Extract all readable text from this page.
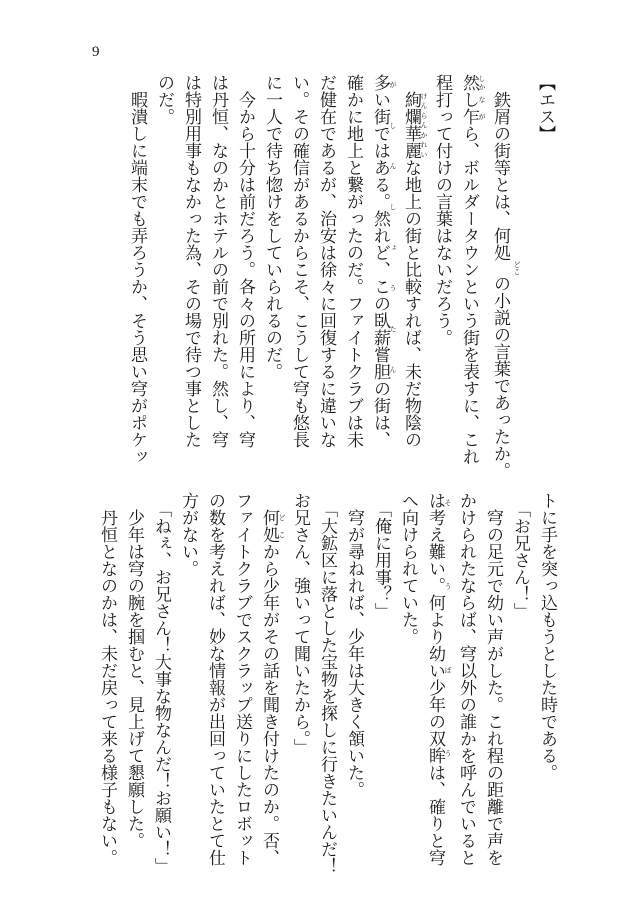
9
【エス】
　鉄屑の街等とは、何処どこの小説の言葉であったか。
然 しかし乍 ながら、ボルダータウンという街を表すに、これ
程打って付けの言葉はないだろう。
　絢爛華麗 けんらんかれいな地上の街と比較すれば、未だ物陰の
多い街ではある。然れど、この臥薪嘗胆 がしんしょうたんの街は、
確かに地上と繋がったのだ。ファイトクラブは未
だ健在であるが、治安は徐々に回復するに違いな
い。その確信があるからこそ、こうして穹も悠長
に一人で待ち惚けをしていられるのだ。
　今から十分は前だろう。各々の所用により、穹
は丹恒、なのかとホテルの前で別れた。然し、穹
は特別用事もなかった為、その場で待つ事とした
のだ。
　暇潰しに端末でも弄ろうか、そう思い穹がポケッ
トに手を突っ込もうとした時である。
　「お兄さん！」
　穹の足元で幼い声がした。これ程の距離で声を
かけられたならば、穹以外の誰かを呼んでいると
は考え難い。何より幼い少年の双眸 そうぼうは、確りと穹
へ向けられていた。
　「俺に用事？」
　穹が尋ねれば、少年は大きく頷いた。
　「大鉱区に落とした宝物を探しに行きたいんだ！
お兄さん、強いって聞いたから。」
　何処 どこから少年がその話を聞き付けたのか。否、
ファイトクラブでスクラップ送りにしたロボット
の数を考えれば、妙な情報が出回っていたとて仕
方がない。
　「ねぇ、お兄さん！大事な物なんだ！お願い！」
　少年は穹の腕を掴むと、見上げて懇願した。
　丹恒となのかは、未だ戻って来る様子もない。
